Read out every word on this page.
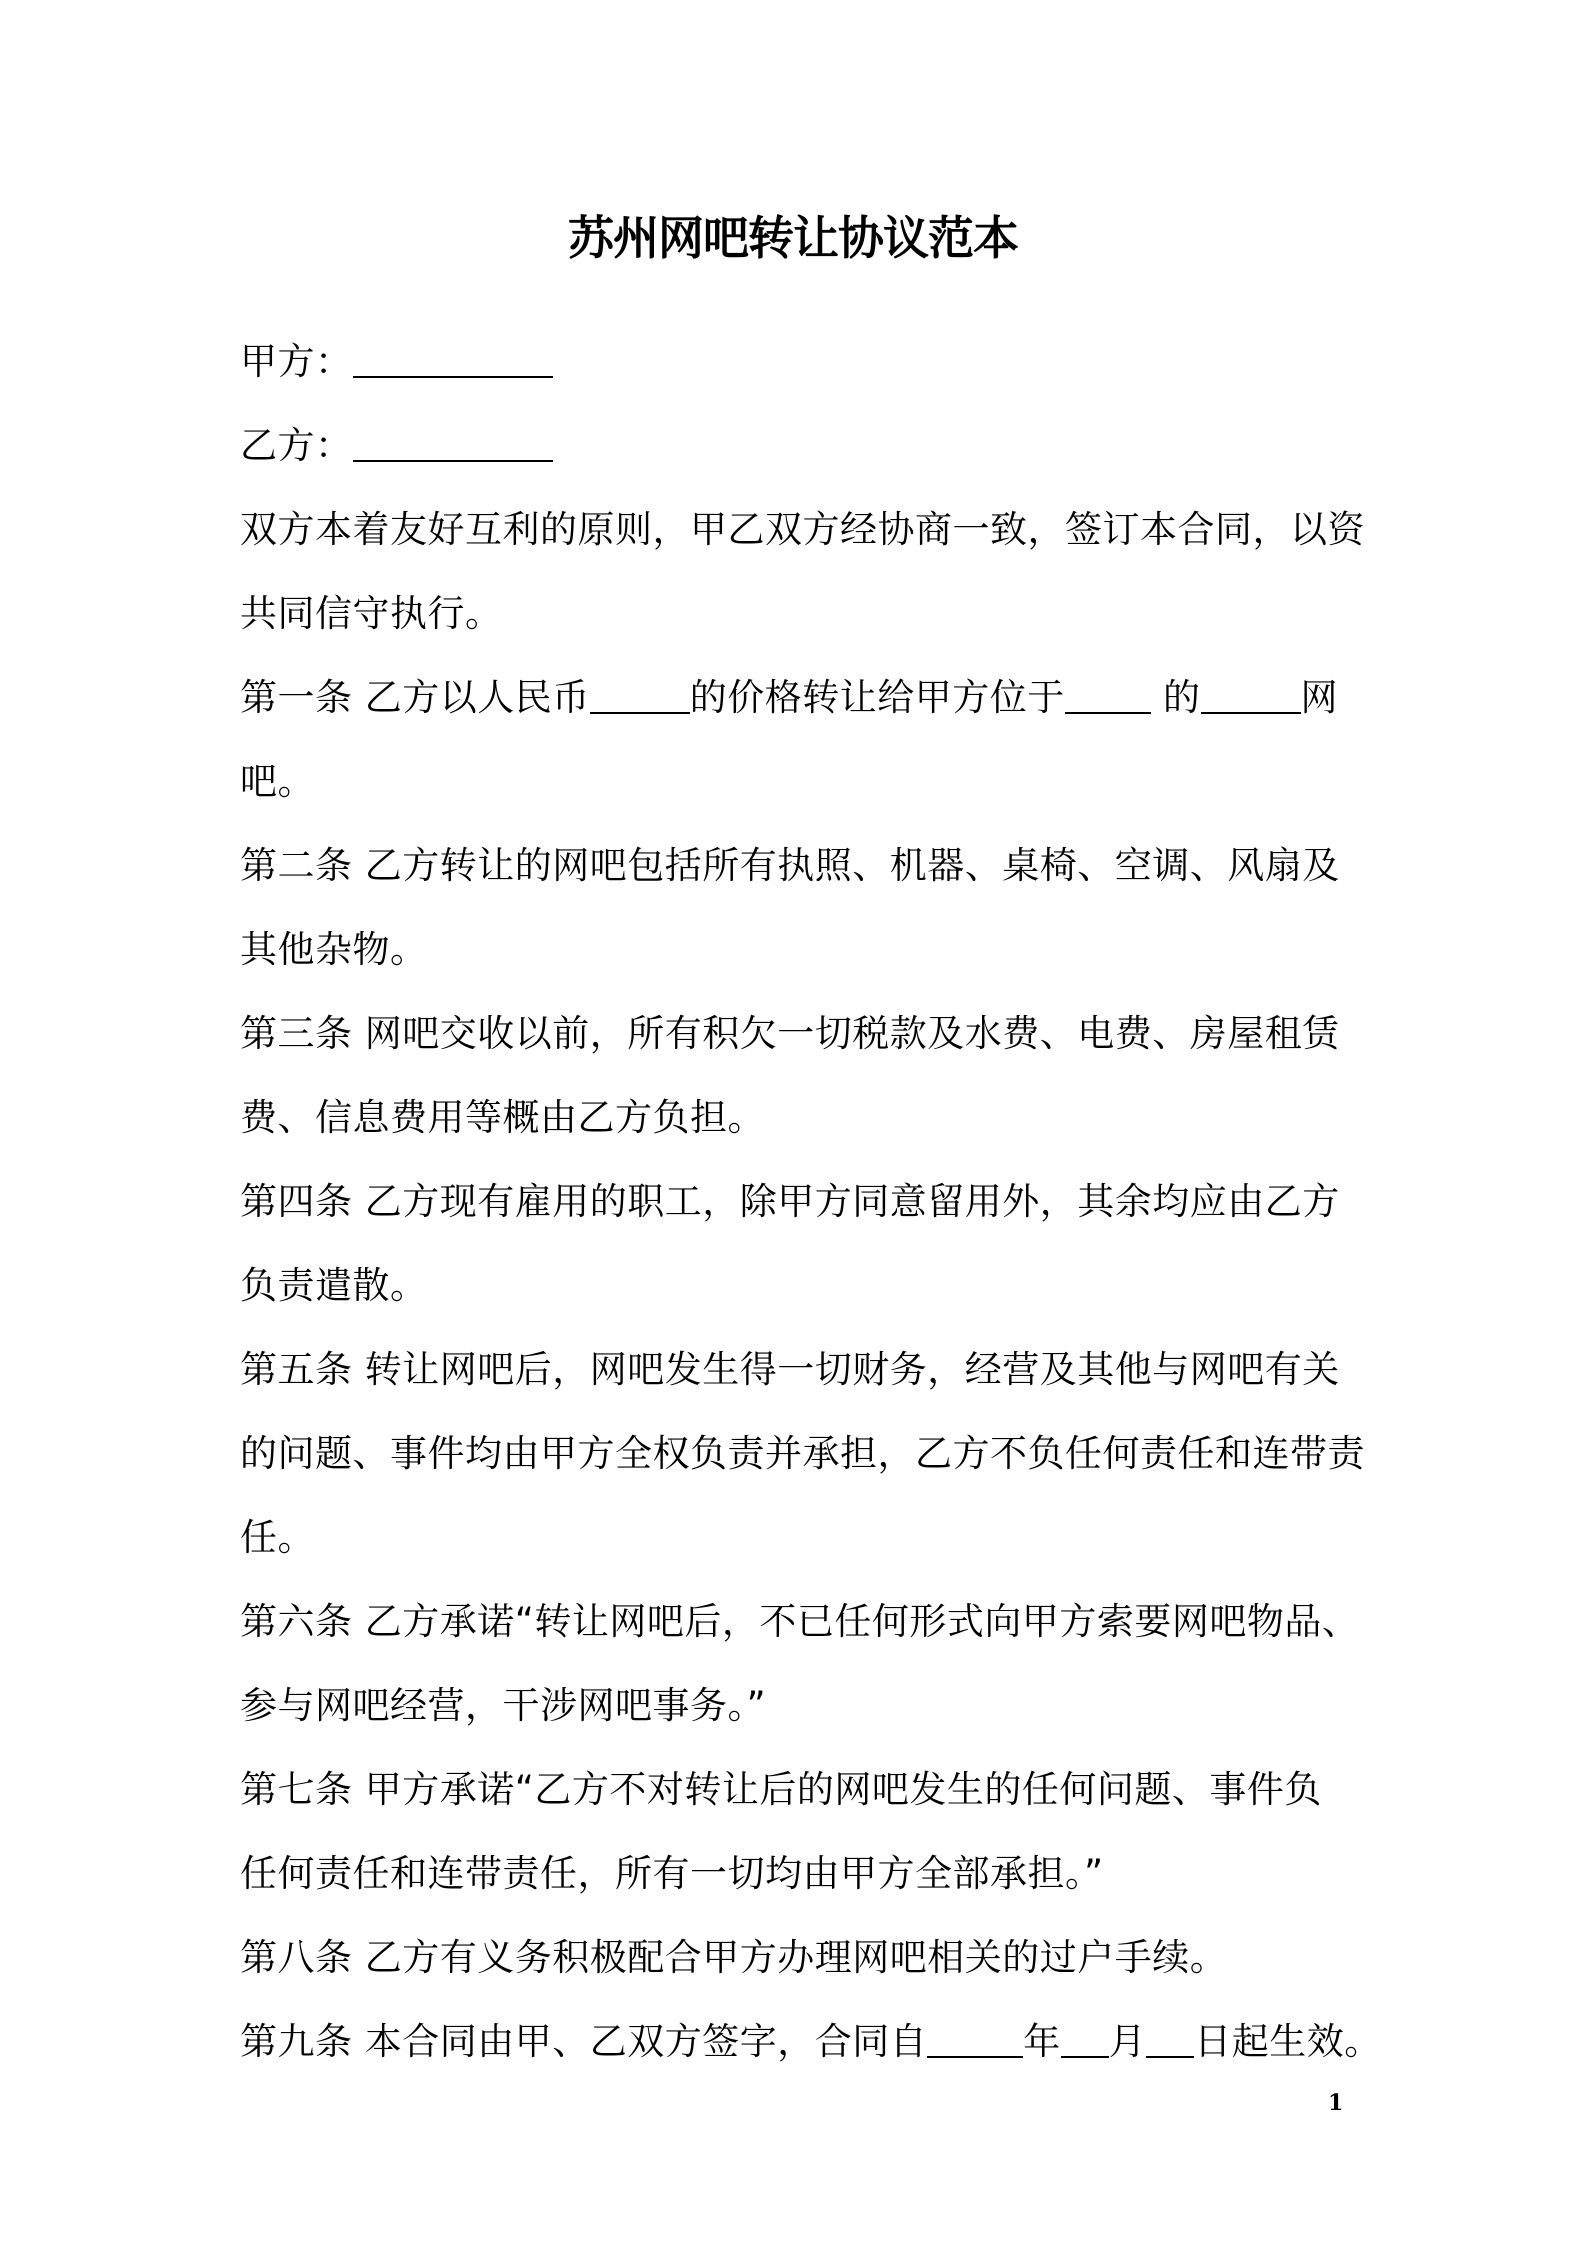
苏州网吧转让协议范本
甲方：
乙方：
双方本着友好互利的原则，甲乙双方经协商一致，签订本合同，以资
共同信守执行。
第一条 乙方以人民币	的价格转让给甲方位于 的	网
吧。
第二条 乙方转让的网吧包括所有执照、机器、桌椅、空调、风扇及
其他杂物。
第三条 网吧交收以前，所有积欠一切税款及水费、电费、房屋租赁
费、信息费用等概由乙方负担。
第四条 乙方现有雇用的职工，除甲方同意留用外，其余均应由乙方
负责遣散。
第五条 转让网吧后，网吧发生得一切财务，经营及其他与网吧有关
的问题、事件均由甲方全权负责并承担，乙方不负任何责任和连带责
任。
第六条 乙方承诺“转让网吧后，不已任何形式向甲方索要网吧物品、
参与网吧经营，干涉网吧事务。”
第七条 甲方承诺“乙方不对转让后的网吧发生的任何问题、事件负
任何责任和连带责任，所有一切均由甲方全部承担。”
第八条 乙方有义务积极配合甲方办理网吧相关的过户手续。
第九条 本合同由甲、乙双方签字，合同自	年 月 日起生效。
1
